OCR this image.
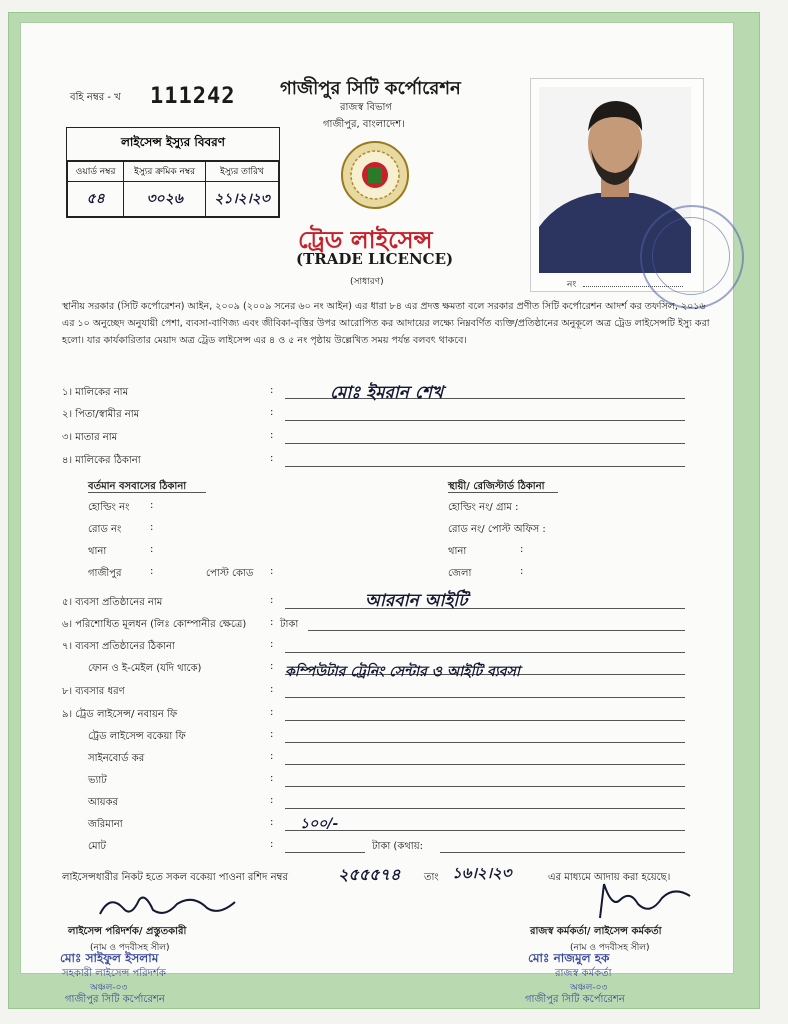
বহি নম্বর - খ 111242 গাজীপুর সিটি কর্পোরেশন
রাজস্ব বিভাগ
গাজীপুর, বাংলাদেশ।
ট্রেড লাইসেন্স
(TRADE LICENCE)
(সাধারণ)
লাইসেন্স ইস্যুর বিবরণ
ওয়ার্ড নম্বর	ইস্যুর ক্রমিক নম্বর	ইস্যুর তারিখ
৫৪	৩০২৬	২১।২।২৩
নং
স্থানীয় সরকার (সিটি কর্পোরেশন) আইন, ২০০৯ (২০০৯ সনের ৬০ নং আইন) এর ধারা ৮৪ এর প্রদত্ত ক্ষমতা বলে সরকার প্রণীত সিটি কর্পোরেশন আদর্শ কর তফসিল, ২০১৬ এর ১০ অনুচ্ছেদ অনুযায়ী পেশা, ব্যবসা-বাণিজ্য এবং জীবিকা-বৃত্তির উপর আরোপিত কর আদায়ের লক্ষ্যে নিম্নবর্ণিত ব্যক্তি/প্রতিষ্ঠানের অনুকূলে অত্র ট্রেড লাইসেন্সটি ইস্যু করা হলো। যার কার্যকারিতার মেয়াদ অত্র ট্রেড লাইসেন্স এর ৪ ও ৫ নং পৃষ্ঠায় উল্লেখিত সময় পর্যন্ত বলবৎ থাকবে।
১। মালিকের নাম	:	মোঃ ইমরান শেখ
২। পিতা/স্বামীর নাম	:
৩। মাতার নাম	:
৪। মালিকের ঠিকানা	:
বর্তমান বসবাসের ঠিকানা
হোল্ডিং নং :
রোড নং	:
থানা	:
গাজীপুর	:	পোস্ট কোড :
স্থায়ী/ রেজিস্টার্ড ঠিকানা
হোল্ডিং নং/ গ্রাম :
রোড নং/ পোস্ট অফিস :
থানা	:
জেলা	:
৫। ব্যবসা প্রতিষ্ঠানের নাম	:	আরবান আইটি
৬। পরিশোধিত মূলধন (লিঃ কোম্পানীর ক্ষেত্রে) : টাকা
৭। ব্যবসা প্রতিষ্ঠানের ঠিকানা	:
ফোন ও ই-মেইল (যদি থাকে)	: কম্পিউটার ট্রেনিং সেন্টার ও আইটি ব্যবসা
৮। ব্যবসার ধরণ	:
৯। ট্রেড লাইসেন্স/ নবায়ন ফি	:
ট্রেড লাইসেন্স বকেয়া ফি	:
সাইনবোর্ড কর	:
ভ্যাট	:
আয়কর	:
জরিমানা	: ১০০/-
মোট	:	টাকা (কথায়:
লাইসেন্সধারীর নিকট হতে সকল বকেয়া পাওনা রশিদ নম্বর	২৫৫৫৭৪ তাং ১৬।২।২৩	এর মাধ্যমে আদায় করা হয়েছে।
লাইসেন্স পরিদর্শক/ প্রস্তুতকারী
(নাম ও পদবীসহ সীল)
মোঃ সাইফুল ইসলাম
সহকারী লাইসেন্স পরিদর্শক
অঞ্চল-০৩
গাজীপুর সিটি কর্পোরেশন
রাজস্ব কর্মকর্তা/ লাইসেন্স কর্মকর্তা
(নাম ও পদবীসহ সীল)
মোঃ নাজমুল হক
রাজস্ব কর্মকর্তা
অঞ্চল-০৩
গাজীপুর সিটি কর্পোরেশন
